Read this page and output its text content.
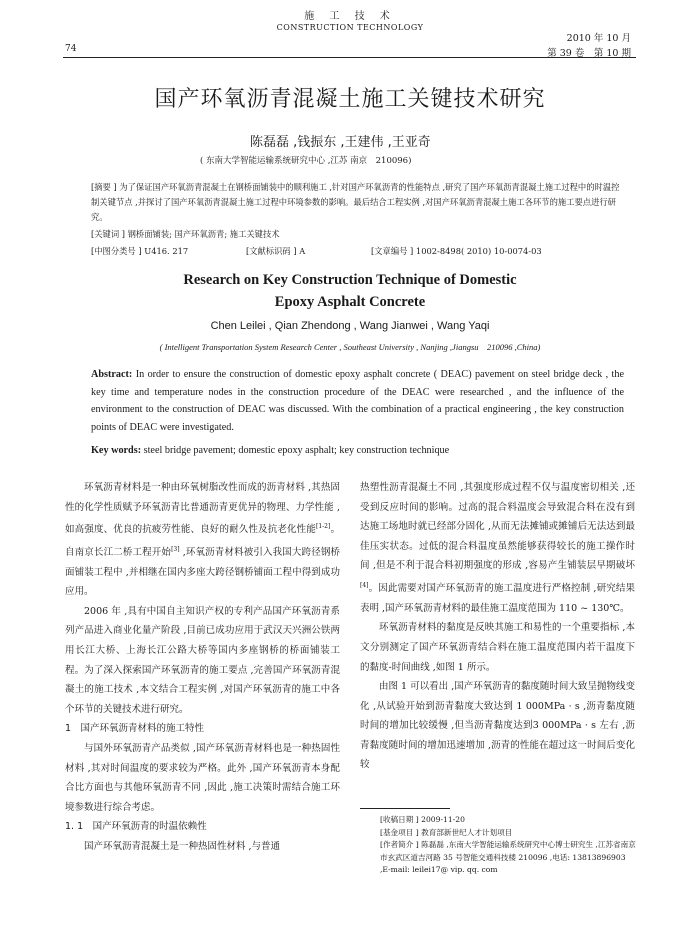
施 工 技 术
CONSTRUCTION TECHNOLOGY
74
2010 年 10 月
第 39 卷　第 10 期
国产环氧沥青混凝土施工关键技术研究
陈磊磊 ,钱振东 ,王建伟 ,王亚奇
( 东南大学智能运输系统研究中心 ,江苏 南京　210096)
[摘要 ] 为了保证国产环氧沥青混凝土在钢桥面铺装中的顺利施工 ,针对国产环氧沥青的性能特点 ,研究了国产环氧沥青混凝土施工过程中的时温控制关键节点 ,并探讨了国产环氧沥青混凝土施工过程中环境参数的影响。最后结合工程实例 ,对国产环氧沥青混凝土施工各环节的施工要点进行研究。
[关键词 ] 钢桥面铺装; 国产环氧沥青; 施工关键技术
[中图分类号 ] U416. 217	[文献标识码 ] A	[文章编号 ] 1002-8498( 2010) 10-0074-03
Research on Key Construction Technique of Domestic
Epoxy Asphalt Concrete
Chen Leilei , Qian Zhendong , Wang Jianwei , Wang Yaqi
( Intelligent Transportation System Research Center , Southeast University , Nanjing ,Jiangsu　210096 ,China)
Abstract: In order to ensure the construction of domestic epoxy asphalt concrete ( DEAC) pavement on steel bridge deck , the key time and temperature nodes in the construction procedure of the DEAC were researched , and the influence of the environment to the construction of DEAC was discussed. With the combination of a practical engineering , the key construction points of DEAC were investigated.
Key words: steel bridge pavement; domestic epoxy asphalt; key construction technique

环氧沥青材料是一种由环氧树脂改性而成的沥青材料 ,其热固性的化学性质赋予环氧沥青比普通沥青更优异的物理、力学性能 ,如高强度、优良的抗疲劳性能、良好的耐久性及抗老化性能[1-2]。自南京长江二桥工程开始[3] ,环氧沥青材料被引入我国大跨径钢桥面铺装工程中 ,并相继在国内多座大跨径钢桥铺面工程中得到成功应用。

2006 年 ,具有中国自主知识产权的专利产品国产环氧沥青系列产品进入商业化量产阶段 ,目前已成功应用于武汉天兴洲公铁两用长江大桥、上海长江公路大桥等国内多座钢桥的桥面铺装工程。为了深入探索国产环氧沥青的施工要点 ,完善国产环氧沥青混凝土的施工技术 ,本文结合工程实例 ,对国产环氧沥青的施工中各个环节的关键技术进行研究。

1　国产环氧沥青材料的施工特性

与国外环氧沥青产品类似 ,国产环氧沥青材料也是一种热固性材料 ,其对时间温度的要求较为严格。此外 ,国产环氧沥青本身配合比方面也与其他环氧沥青不同 ,因此 ,施工决策时需结合施工环境参数进行综合考虑。

1. 1　国产环氧沥青的时温依赖性

国产环氧沥青混凝土是一种热固性材料 ,与普通

热塑性沥青混凝土不同 ,其强度形成过程不仅与温度密切相关 ,还受到反应时间的影响。过高的混合料温度会导致混合料在没有到达施工场地时就已经部分固化 ,从而无法摊铺或摊铺后无法达到最佳压实状态。过低的混合料温度虽然能够获得较长的施工操作时间 ,但是不利于混合料初期强度的形成 ,容易产生铺装层早期破坏[4]。因此需要对国产环氧沥青的施工温度进行严格控制 ,研究结果表明 ,国产环氧沥青材料的最佳施工温度范围为 110 ~ 130℃。

环氧沥青材料的黏度是反映其施工和易性的一个重要指标 ,本文分别测定了国产环氧沥青结合料在施工温度范围内若干温度下的黏度-时间曲线 ,如图 1 所示。

由图 1 可以看出 ,国产环氧沥青的黏度随时间大致呈抛物线变化 ,从试验开始到沥青黏度大致达到 1 000MPa · s ,沥青黏度随时间的增加比较缓慢 ,但当沥青黏度达到3 000MPa · s 左右 ,沥青黏度随时间的增加迅速增加 ,沥青的性能在超过这一时间后变化较

[收稿日期 ] 2009-11-20
[基金项目 ] 教育部新世纪人才计划项目
[作者简介 ] 陈磊磊 ,东南大学智能运输系统研究中心博士研究生 ,江苏省南京市玄武区道吉河路 35 号智能交通科技楼 210096 ,电话: 13813896903 ,E-mail: leilei17@ vip. qq. com
